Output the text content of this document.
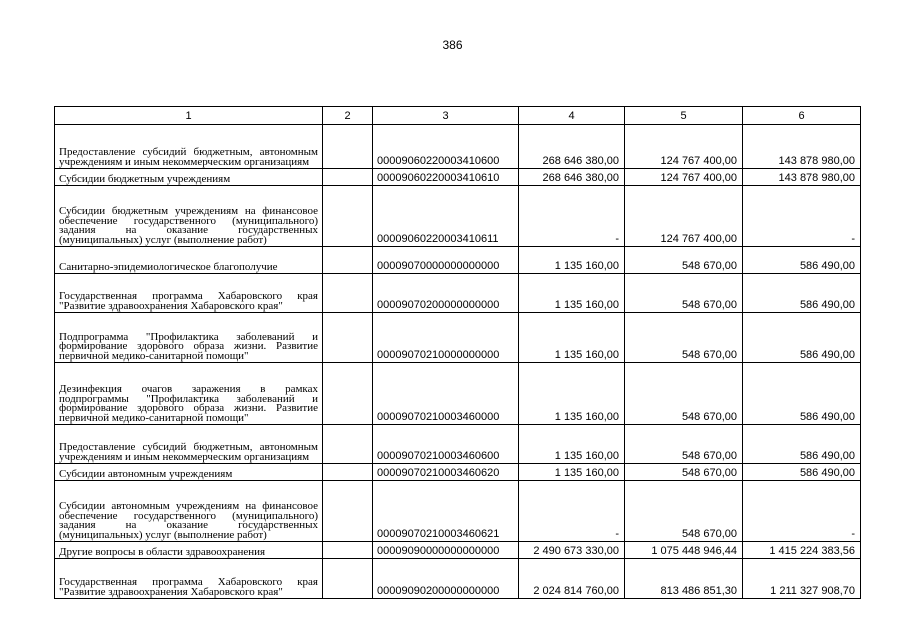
386
1	2	3	4	5	6
Предоставление субсидий бюджетным, автономным учреждениям и иным некоммерческим организациям		00009060220003410600	268 646 380,00	124 767 400,00	143 878 980,00
Субсидии бюджетным учреждениям		00009060220003410610	268 646 380,00	124 767 400,00	143 878 980,00
Субсидии бюджетным учреждениям на финансовое обеспечение государственного (муниципального) задания на оказание государственных (муниципальных) услуг (выполнение работ)		00009060220003410611	-	124 767 400,00	-
Санитарно-эпидемиологическое благополучие		00009070000000000000	1 135 160,00	548 670,00	586 490,00
Государственная программа Хабаровского края "Развитие здравоохранения Хабаровского края"		00009070200000000000	1 135 160,00	548 670,00	586 490,00
Подпрограмма "Профилактика заболеваний и формирование здорового образа жизни. Развитие первичной медико-санитарной помощи"		00009070210000000000	1 135 160,00	548 670,00	586 490,00
Дезинфекция очагов заражения в рамках подпрограммы "Профилактика заболеваний и формирование здорового образа жизни. Развитие первичной медико-санитарной помощи"		00009070210003460000	1 135 160,00	548 670,00	586 490,00
Предоставление субсидий бюджетным, автономным учреждениям и иным некоммерческим организациям		00009070210003460600	1 135 160,00	548 670,00	586 490,00
Субсидии автономным учреждениям		00009070210003460620	1 135 160,00	548 670,00	586 490,00
Субсидии автономным учреждениям на финансовое обеспечение государственного (муниципального) задания на оказание государственных (муниципальных) услуг (выполнение работ)		00009070210003460621	-	548 670,00	-
Другие вопросы в области здравоохранения		00009090000000000000	2 490 673 330,00	1 075 448 946,44	1 415 224 383,56
Государственная программа Хабаровского края "Развитие здравоохранения Хабаровского края"		00009090200000000000	2 024 814 760,00	813 486 851,30	1 211 327 908,70
